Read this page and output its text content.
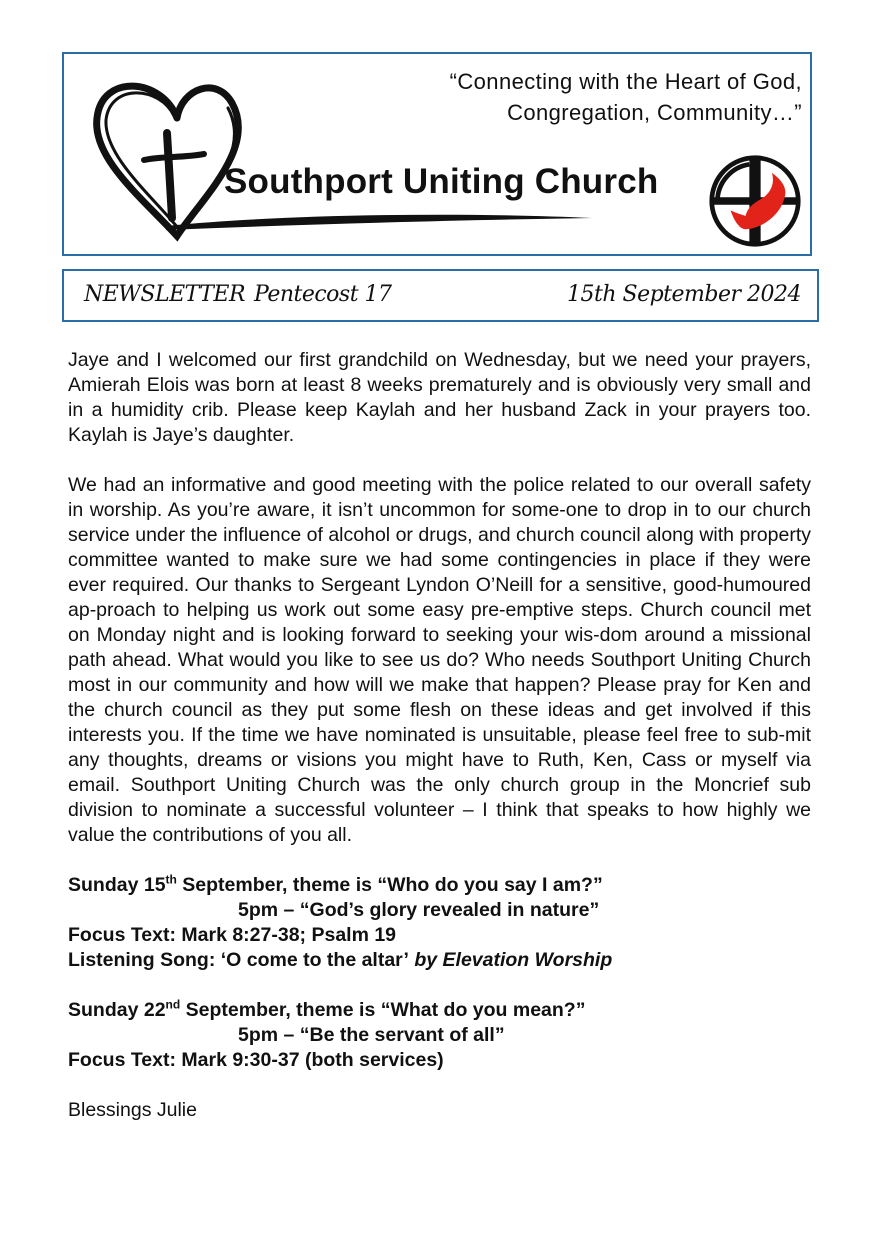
“Connecting with the Heart of God,
Congregation, Community…”
Southport Uniting Church
NEWSLETTER Pentecost 17	15th September 2024

Jaye and I welcomed our first grandchild on Wednesday, but we need your prayers, Amierah Elois was born at least 8 weeks prematurely and is obviously very small and in a humidity crib. Please keep Kaylah and her husband Zack in your prayers too. Kaylah is Jaye’s daughter.

We had an informative and good meeting with the police related to our overall safety in worship. As you’re aware, it isn’t uncommon for some-one to drop in to our church service under the influence of alcohol or drugs, and church council along with property committee wanted to make sure we had some contingencies in place if they were ever required. Our thanks to Sergeant Lyndon O’Neill for a sensitive, good-humoured ap-proach to helping us work out some easy pre-emptive steps. Church council met on Monday night and is looking forward to seeking your wis-dom around a missional path ahead. What would you like to see us do? Who needs Southport Uniting Church most in our community and how will we make that happen? Please pray for Ken and the church council as they put some flesh on these ideas and get involved if this interests you. If the time we have nominated is unsuitable, please feel free to sub-mit any thoughts, dreams or visions you might have to Ruth, Ken, Cass or myself via email. Southport Uniting Church was the only church group in the Moncrief sub division to nominate a successful volunteer – I think that speaks to how highly we value the contributions of you all.

Sunday 15th September, theme is “Who do you say I am?”
5pm – “God’s glory revealed in nature”
Focus Text: Mark 8:27-38; Psalm 19
Listening Song: ‘O come to the altar’ by Elevation Worship
Sunday 22nd September, theme is “What do you mean?”
5pm – “Be the servant of all”
Focus Text: Mark 9:30-37 (both services)
Blessings Julie
